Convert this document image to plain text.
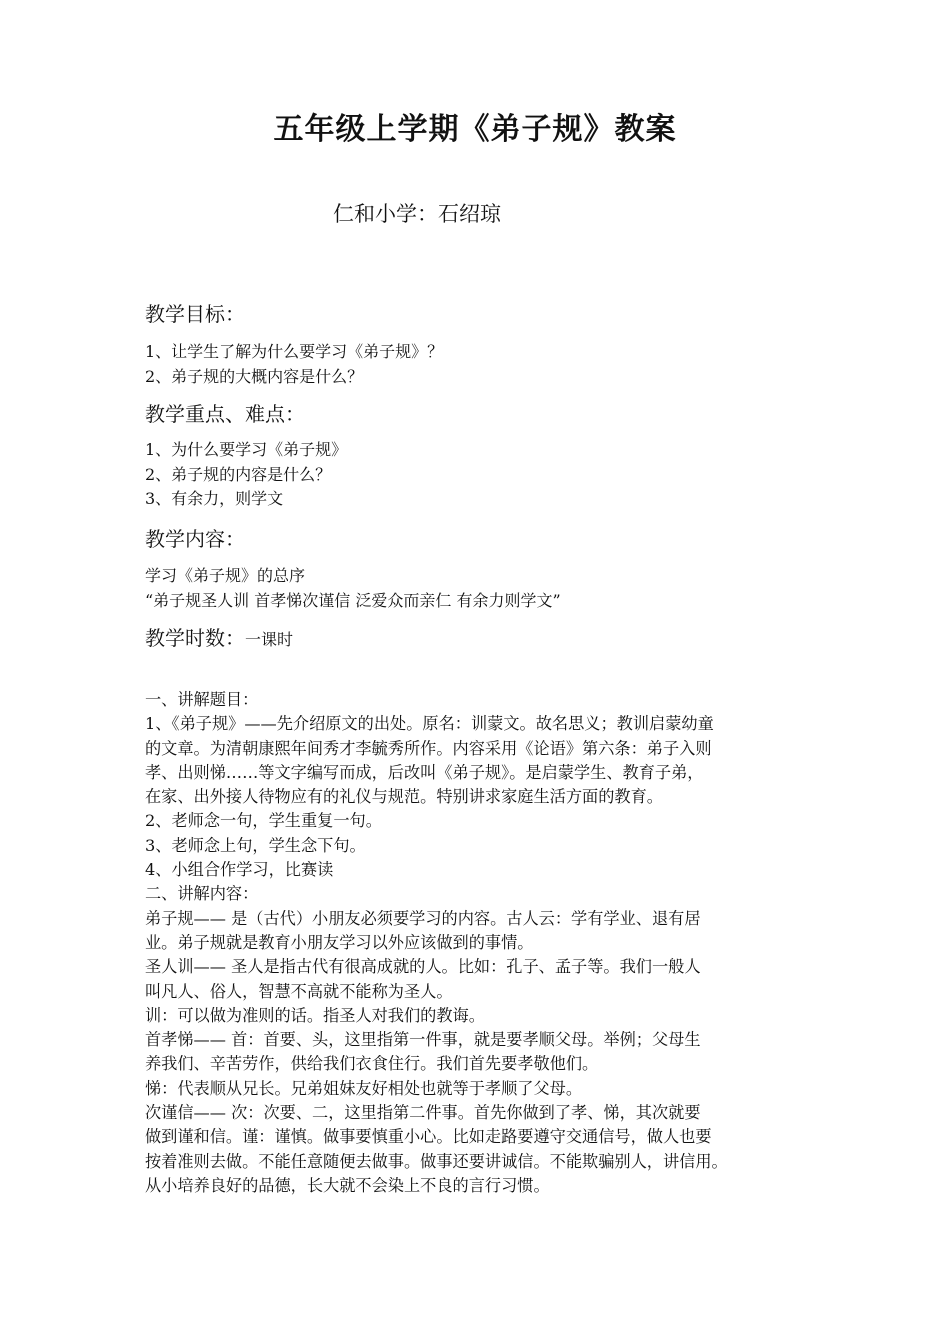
五年级上学期《弟子规》教案
仁和小学：石绍琼
教学目标：
1、让学生了解为什么要学习《弟子规》？
2、弟子规的大概内容是什么？
教学重点、难点：
1、为什么要学习《弟子规》
2、弟子规的内容是什么？
3、有余力，则学文
教学内容：
学习《弟子规》的总序
“弟子规圣人训 首孝悌次谨信 泛爱众而亲仁 有余力则学文”
教学时数：一课时
一、讲解题目：
1、《弟子规》——先介绍原文的出处。原名：训蒙文。故名思义；教训启蒙幼童
的文章。为清朝康熙年间秀才李毓秀所作。内容采用《论语》第六条：弟子入则
孝、出则悌……等文字编写而成，后改叫《弟子规》。是启蒙学生、教育子弟，
在家、出外接人待物应有的礼仪与规范。特别讲求家庭生活方面的教育。
2、老师念一句，学生重复一句。
3、老师念上句，学生念下句。
4、小组合作学习，比赛读
二、讲解内容：
弟子规—— 是（古代）小朋友必须要学习的内容。古人云：学有学业、退有居
业。弟子规就是教育小朋友学习以外应该做到的事情。
圣人训—— 圣人是指古代有很高成就的人。比如：孔子、孟子等。我们一般人
叫凡人、俗人，智慧不高就不能称为圣人。
训：可以做为准则的话。指圣人对我们的教诲。
首孝悌—— 首：首要、头，这里指第一件事，就是要孝顺父母。举例；父母生
养我们、辛苦劳作，供给我们衣食住行。我们首先要孝敬他们。
悌：代表顺从兄长。兄弟姐妹友好相处也就等于孝顺了父母。
次谨信—— 次：次要、二，这里指第二件事。首先你做到了孝、悌，其次就要
做到谨和信。谨：谨慎。做事要慎重小心。比如走路要遵守交通信号，做人也要
按着准则去做。不能任意随便去做事。做事还要讲诚信。不能欺骗别人，讲信用。
从小培养良好的品德，长大就不会染上不良的言行习惯。
